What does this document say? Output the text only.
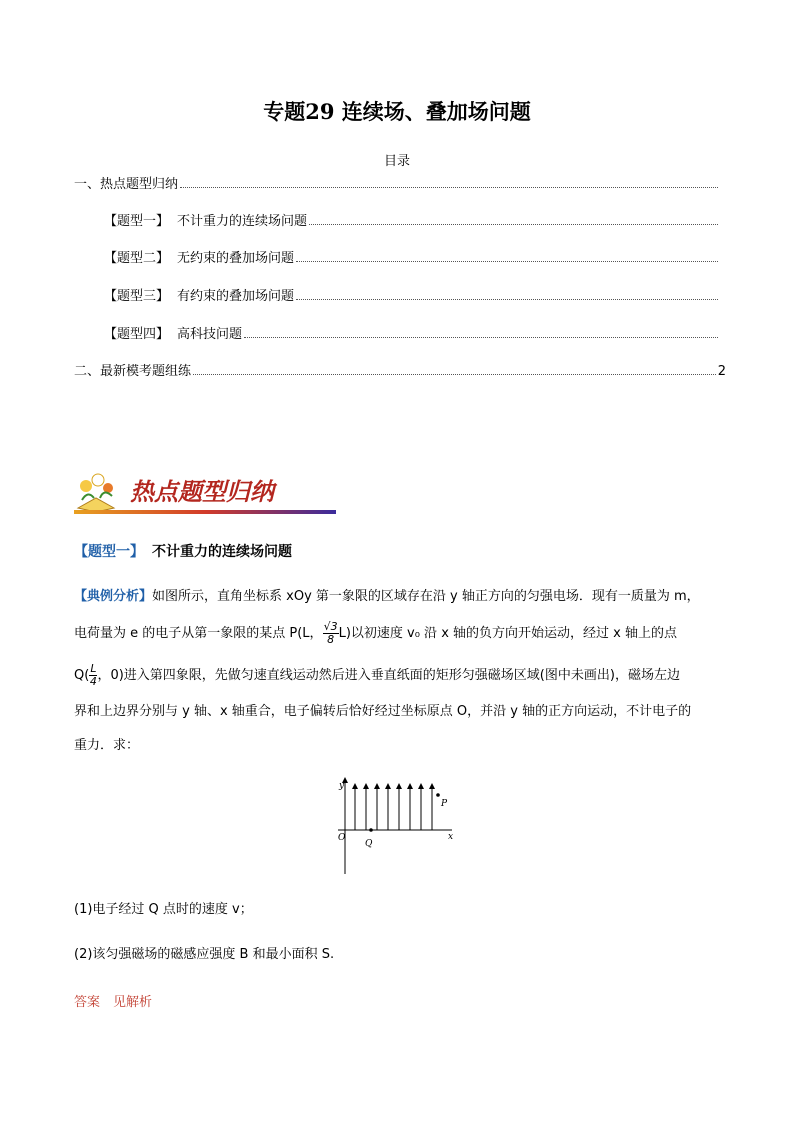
专题29 连续场、叠加场问题
目录
一、热点题型归纳
【题型一】 不计重力的连续场问题
【题型二】 无约束的叠加场问题
【题型三】 有约束的叠加场问题
【题型四】 高科技问题
二、最新模考题组练	2
热点题型归纳
【题型一】 不计重力的连续场问题
【典例分析】如图所示，直角坐标系 xOy 第一象限的区域存在沿 y 轴正方向的匀强电场．现有一质量为 m，
电荷量为 e 的电子从第一象限的某点 P(L， $\frac{√3}{8} L$)以初速度 v₀ 沿 x 轴的负方向开始运动，经过 x 轴上的点
$Q( \frac{L}{4}$ ，0)进入第四象限，先做匀速直线运动然后进入垂直纸面的矩形匀强磁场区域(图中未画出)，磁场左边
界和上边界分别与 y 轴、x 轴重合，电子偏转后恰好经过坐标原点 O，并沿 y 轴的正方向运动，不计电子的
重力．求：
y
x
O
Q
P
(1)电子经过 Q 点时的速度 v；
(2)该匀强磁场的磁感应强度 B 和最小面积 S.
答案　见解析
